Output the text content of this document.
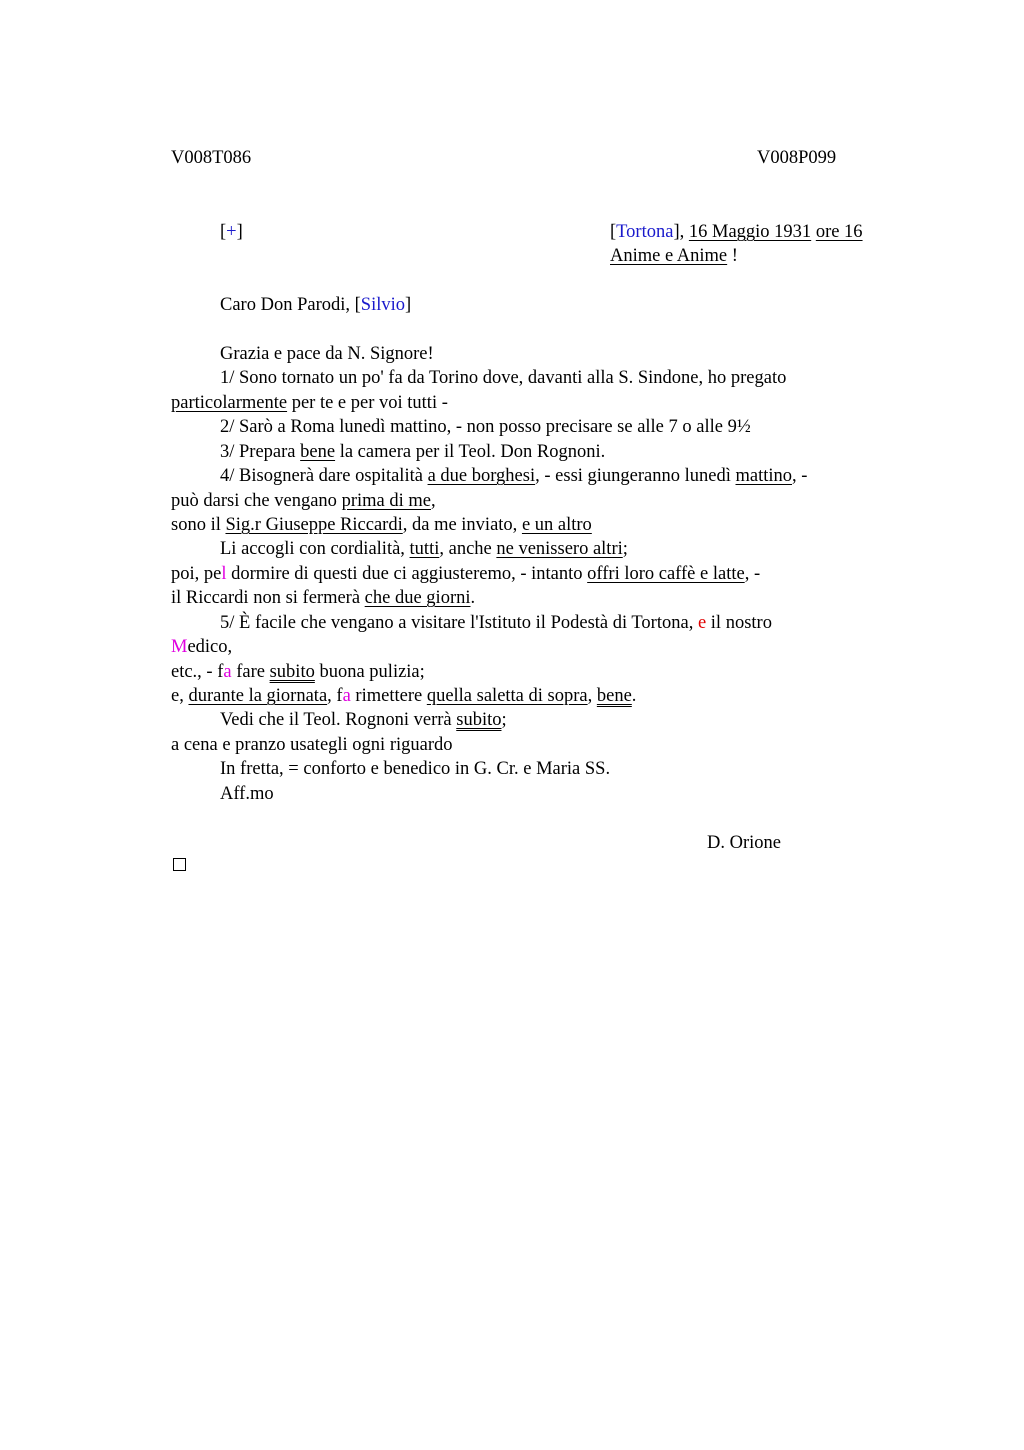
V008T086	V008P099
[+]	[Tortona], 16 Maggio 1931 ore 16
Anime e Anime !
Caro Don Parodi, [Silvio]
Grazia e pace da N. Signore!
1/ Sono tornato un po' fa da Torino dove, davanti alla S. Sindone, ho pregato
particolarmente per te e per voi tutti -
2/ Sarò a Roma lunedì mattino, - non posso precisare se alle 7 o alle 9½
3/ Prepara bene la camera per il Teol. Don Rognoni.
4/ Bisognerà dare ospitalità a due borghesi, - essi giungeranno lunedì mattino, -
può darsi che vengano prima di me,
sono il Sig.r Giuseppe Riccardi, da me inviato, e un altro
Li accogli con cordialità, tutti, anche ne venissero altri;
poi, pel dormire di questi due ci aggiusteremo, - intanto offri loro caffè e latte, -
il Riccardi non si fermerà che due giorni.
5/ È facile che vengano a visitare l'Istituto il Podestà di Tortona, e il nostro
Medico,
etc., - fa fare subito buona pulizia;
e, durante la giornata, fa rimettere quella saletta di sopra, bene.
Vedi che il Teol. Rognoni verrà subito;
a cena e pranzo usategli ogni riguardo
In fretta, = conforto e benedico in G. Cr. e Maria SS.
Aff.mo
D. Orione
